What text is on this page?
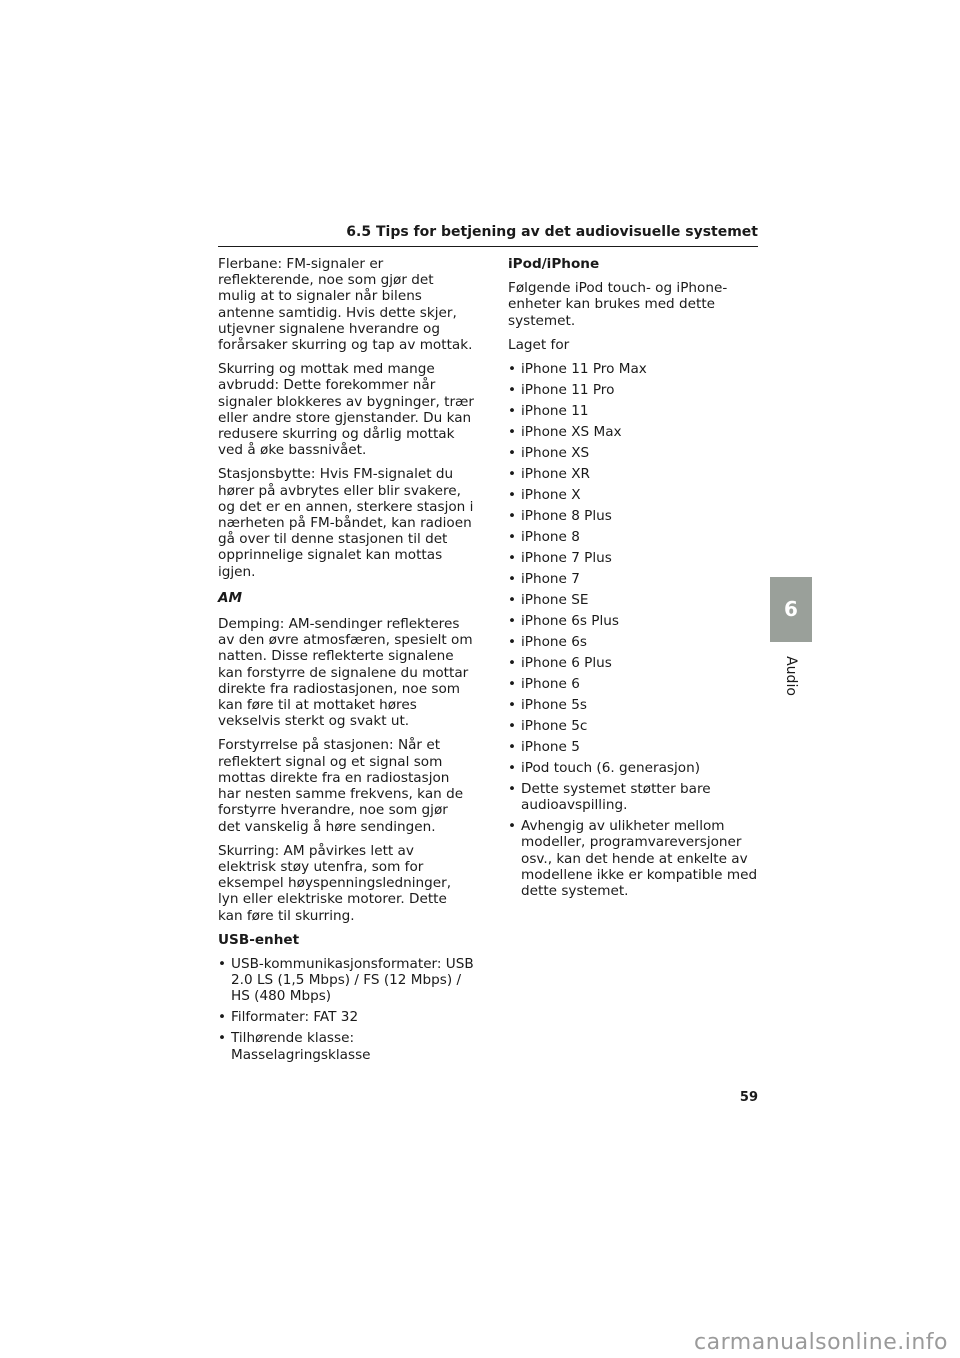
6.5 Tips for betjening av det audiovisuelle systemet

Flerbane: FM-signaler er reflekterende, noe som gjør det mulig at to signaler når bilens antenne samtidig. Hvis dette skjer, utjevner signalene hverandre og forårsaker skurring og tap av mottak.

Skurring og mottak med mange avbrudd: Dette forekommer når signaler blokkeres av bygninger, trær eller andre store gjenstander. Du kan redusere skurring og dårlig mottak ved å øke bassnivået.

Stasjonsbytte: Hvis FM-signalet du hører på avbrytes eller blir svakere, og det er en annen, sterkere stasjon i nærheten på FM-båndet, kan radioen gå over til denne stasjonen til det opprinnelige signalet kan mottas igjen.

AM

Demping: AM-sendinger reflekteres av den øvre atmosfæren, spesielt om natten. Disse reflekterte signalene kan forstyrre de signalene du mottar direkte fra radiostasjonen, noe som kan føre til at mottaket høres vekselvis sterkt og svakt ut.

Forstyrrelse på stasjonen: Når et reflektert signal og et signal som mottas direkte fra en radiostasjon har nesten samme frekvens, kan de forstyrre hverandre, noe som gjør det vanskelig å høre sendingen.

Skurring: AM påvirkes lett av elektrisk støy utenfra, som for eksempel høyspenningsledninger, lyn eller elektriske motorer. Dette kan føre til skurring.

USB-enhet
• USB-kommunikasjonsformater: USB 2.0 LS (1,5 Mbps) / FS (12 Mbps) / HS (480 Mbps)
• Filformater: FAT 32
• Tilhørende klasse: Masselagringsklasse
iPod/iPhone

Følgende iPod touch- og iPhone-enheter kan brukes med dette systemet.

Laget for

• iPhone 11 Pro Max
• iPhone 11 Pro
• iPhone 11
• iPhone XS Max
• iPhone XS
• iPhone XR
• iPhone X
• iPhone 8 Plus
• iPhone 8
• iPhone 7 Plus
• iPhone 7
• iPhone SE
• iPhone 6s Plus
• iPhone 6s
• iPhone 6 Plus
• iPhone 6
• iPhone 5s
• iPhone 5c
• iPhone 5
• iPod touch (6. generasjon)
• Dette systemet støtter bare audioavspilling.
• Avhengig av ulikheter mellom modeller, programvareversjoner osv., kan det hende at enkelte av modellene ikke er kompatible med dette systemet.
6
Audio
59
carmanualsonline.info
